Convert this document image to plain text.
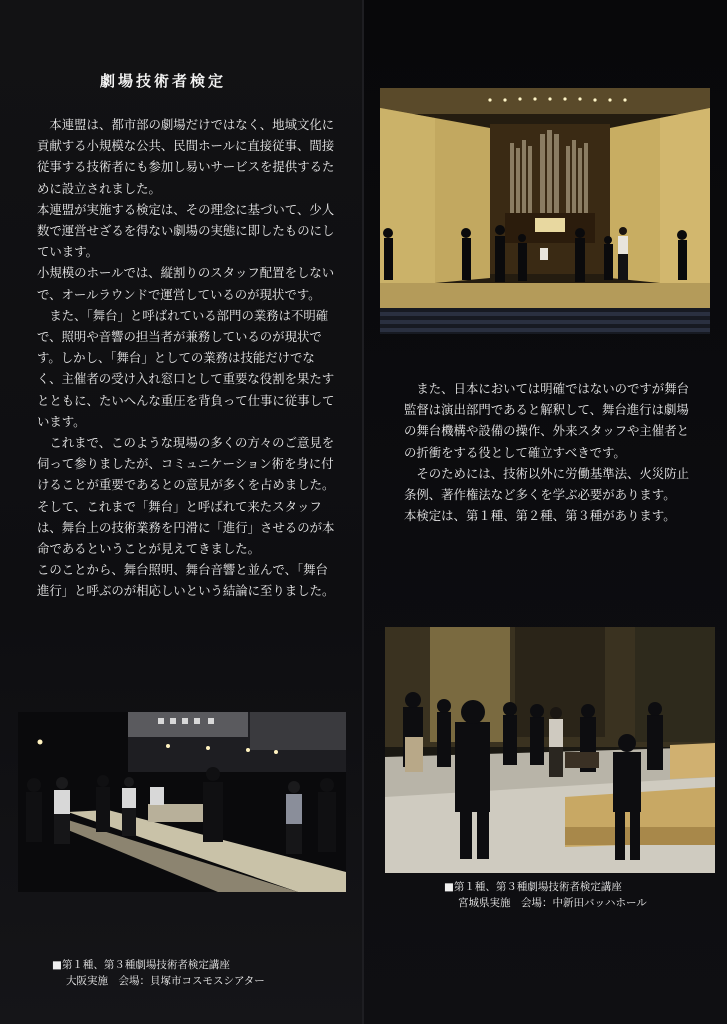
劇場技術者検定

本連盟は、都市部の劇場だけではなく、地域文化に貢献する小規模な公共、民間ホールに直接従事、間接従事する技術者にも参加し易いサービスを提供するために設立されました。

本連盟が実施する検定は、その理念に基づいて、少人数で運営せざるを得ない劇場の実態に即したものにしています。

小規模のホールでは、縦割りのスタッフ配置をしないで、オールラウンドで運営しているのが現状です。

また、「舞台」と呼ばれている部門の業務は不明確で、照明や音響の担当者が兼務しているのが現状です。しかし、「舞台」としての業務は技能だけでなく、主催者の受け入れ窓口として重要な役割を果たすとともに、たいへんな重圧を背負って仕事に従事しています。

これまで、このような現場の多くの方々のご意見を伺って参りましたが、コミュニケーション術を身に付けることが重要であるとの意見が多くを占めました。そして、これまで「舞台」と呼ばれて来たスタッフは、舞台上の技術業務を円滑に「進行」させるのが本命であるということが見えてきました。

このことから、舞台照明、舞台音響と並んで、「舞台進行」と呼ぶのが相応しいという結論に至りました。

また、日本においては明確ではないのですが舞台監督は演出部門であると解釈して、舞台進行は劇場の舞台機構や設備の操作、外来スタッフや主催者との折衝をする役として確立すべきです。

そのためには、技術以外に労働基準法、火災防止条例、著作権法など多くを学ぶ必要があります。

本検定は、第１種、第２種、第３種があります。

■第１種、第３種劇場技術者検定講座
宮城県実施　会場：中新田バッハホール
■第１種、第３種劇場技術者検定講座
大阪実施　会場：貝塚市コスモスシアター
